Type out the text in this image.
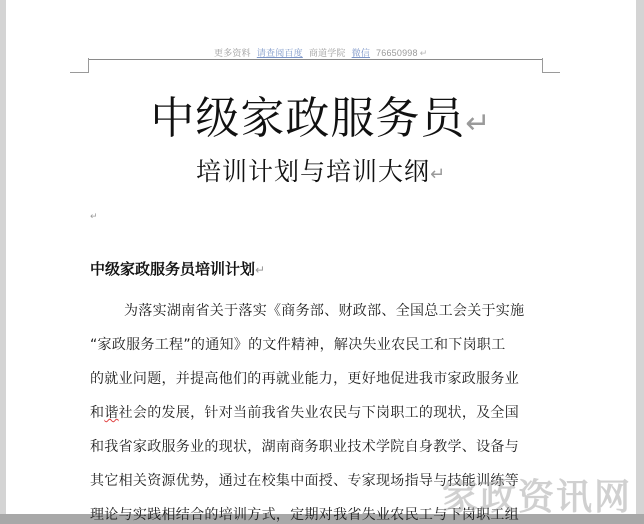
更多资料 请查阅百度 商道学院 微信 76650998 ↵
中级家政服务员↵
培训计划与培训大纲↵
↵
中级家政服务员培训计划↵
为落实湖南省关于落实《商务部、财政部、全国总工会关于实施
“家政服务工程”的通知》的文件精神，解决失业农民工和下岗职工
的就业问题，并提高他们的再就业能力，更好地促进我市家政服务业
和谐社会的发展，针对当前我省失业农民与下岗职工的现状，及全国
和我省家政服务业的现状，湖南商务职业技术学院自身教学、设备与
其它相关资源优势，通过在校集中面授、专家现场指导与技能训练等
理论与实践相结合的培训方式，定期对我省失业农民工与下岗职工组
家政资讯网
